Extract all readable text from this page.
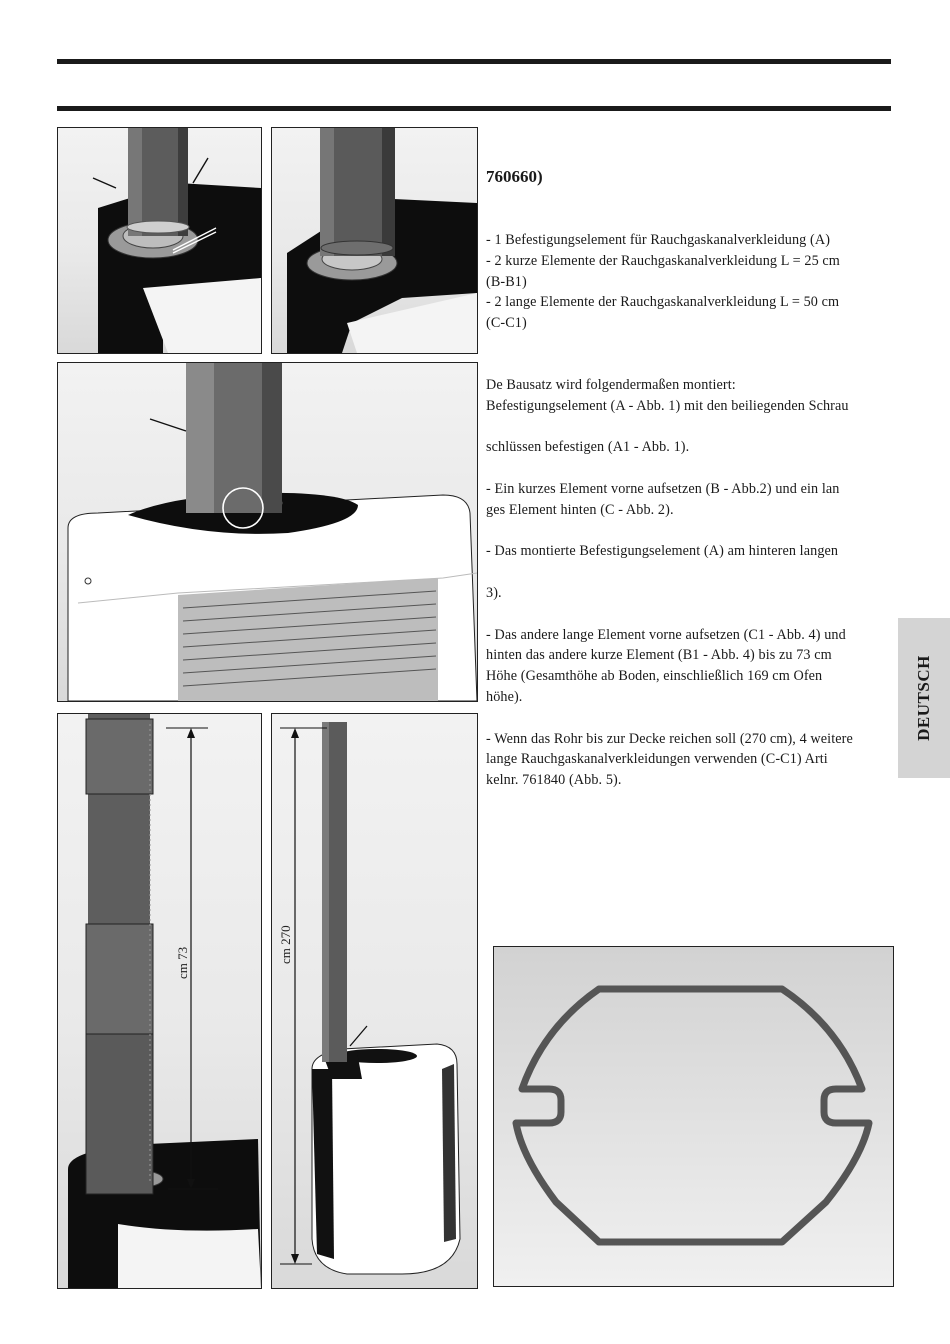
cm 73	cm 270
760660)

- 1 Befestigungselement für Rauchgaskanalverkleidung (A)

- 2 kurze Elemente der Rauchgaskanalverkleidung L = 25 cm

(B-B1)

- 2 lange Elemente der Rauchgaskanalverkleidung L = 50 cm

(C-C1)

De Bausatz wird folgendermaßen montiert:

Befestigungselement (A - Abb. 1) mit den beiliegenden Schrau

schlüssen befestigen (A1 - Abb. 1).

- Ein kurzes Element vorne aufsetzen (B - Abb.2) und ein lan

ges Element hinten (C - Abb. 2).

- Das montierte Befestigungselement (A) am hinteren langen

3).

- Das andere lange Element vorne aufsetzen (C1 - Abb. 4) und

hinten das andere kurze Element (B1 - Abb. 4) bis zu 73 cm

Höhe (Gesamthöhe ab Boden, einschließlich 169 cm Ofen

höhe).

- Wenn das Rohr bis zur Decke reichen soll (270 cm), 4 weitere

lange Rauchgaskanalverkleidungen verwenden (C-C1) Arti

kelnr. 761840 (Abb. 5).

DEUTSCH
